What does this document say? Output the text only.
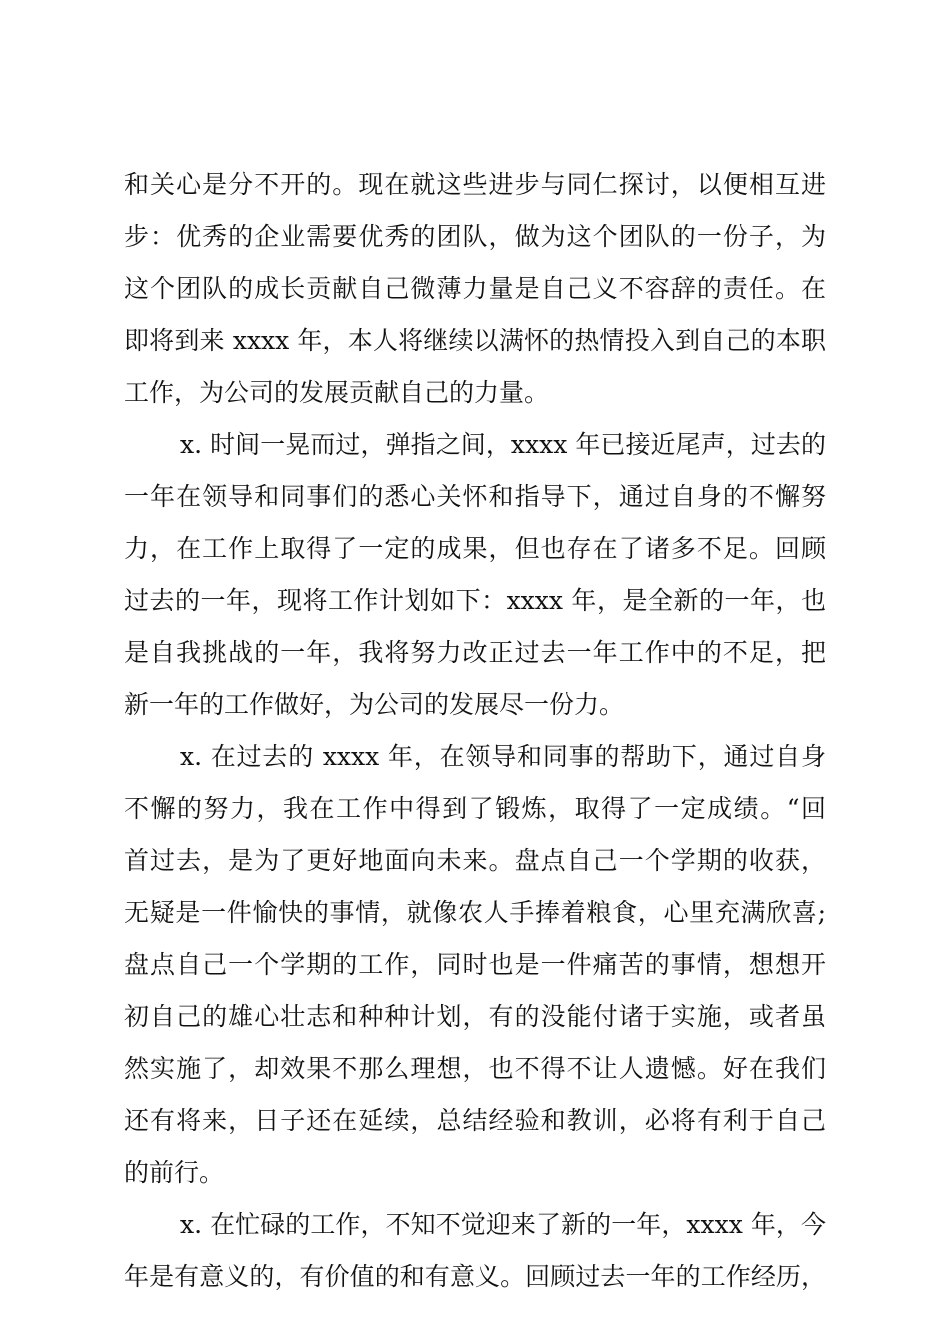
和关心是分不开的。现在就这些进步与同仁探讨，以便相互进
步：优秀的企业需要优秀的团队，做为这个团队的一份子，为
这个团队的成长贡献自己微薄力量是自己义不容辞的责任。在
即将到来 xxxx 年，本人将继续以满怀的热情投入到自己的本职
工作，为公司的发展贡献自己的力量。
x. 时间一晃而过，弹指之间，xxxx 年已接近尾声，过去的
一年在领导和同事们的悉心关怀和指导下，通过自身的不懈努
力，在工作上取得了一定的成果，但也存在了诸多不足。回顾
过去的一年，现将工作计划如下：xxxx 年，是全新的一年，也
是自我挑战的一年，我将努力改正过去一年工作中的不足，把
新一年的工作做好，为公司的发展尽一份力。
x. 在过去的 xxxx 年，在领导和同事的帮助下，通过自身
不懈的努力，我在工作中得到了锻炼，取得了一定成绩。“回
首过去，是为了更好地面向未来。盘点自己一个学期的收获，
无疑是一件愉快的事情，就像农人手捧着粮食，心里充满欣喜;
盘点自己一个学期的工作，同时也是一件痛苦的事情，想想开
初自己的雄心壮志和种种计划，有的没能付诸于实施，或者虽
然实施了，却效果不那么理想，也不得不让人遗憾。好在我们
还有将来，日子还在延续，总结经验和教训，必将有利于自己
的前行。
x. 在忙碌的工作，不知不觉迎来了新的一年，xxxx 年，今
年是有意义的，有价值的和有意义。回顾过去一年的工作经历，
